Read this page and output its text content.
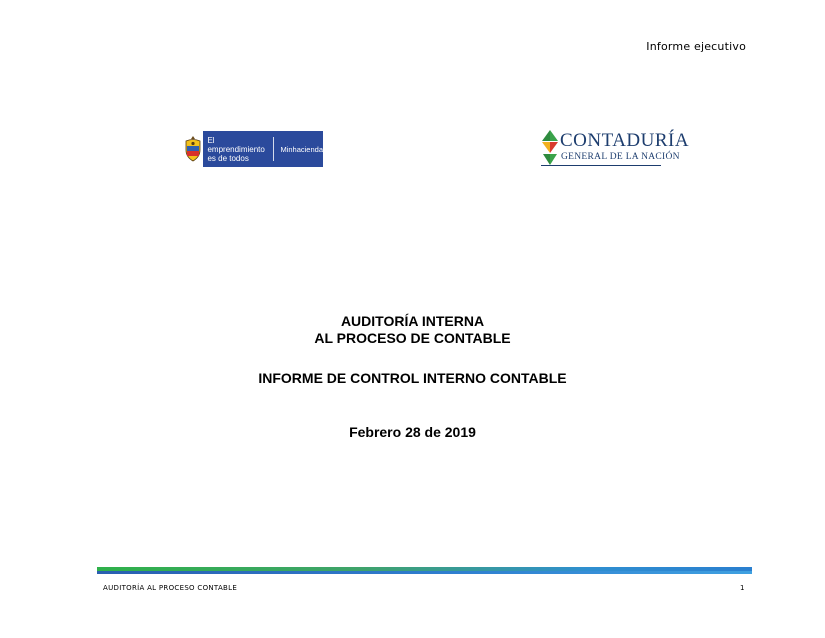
Informe ejecutivo
El emprendimiento
es de todos
Minhacienda	CONTADURÍA
GENERAL DE LA NACIÓN
AUDITORÍA INTERNA
AL PROCESO DE CONTABLE
INFORME DE CONTROL INTERNO CONTABLE
Febrero 28 de 2019
AUDITORÍA AL PROCESO CONTABLE	1
